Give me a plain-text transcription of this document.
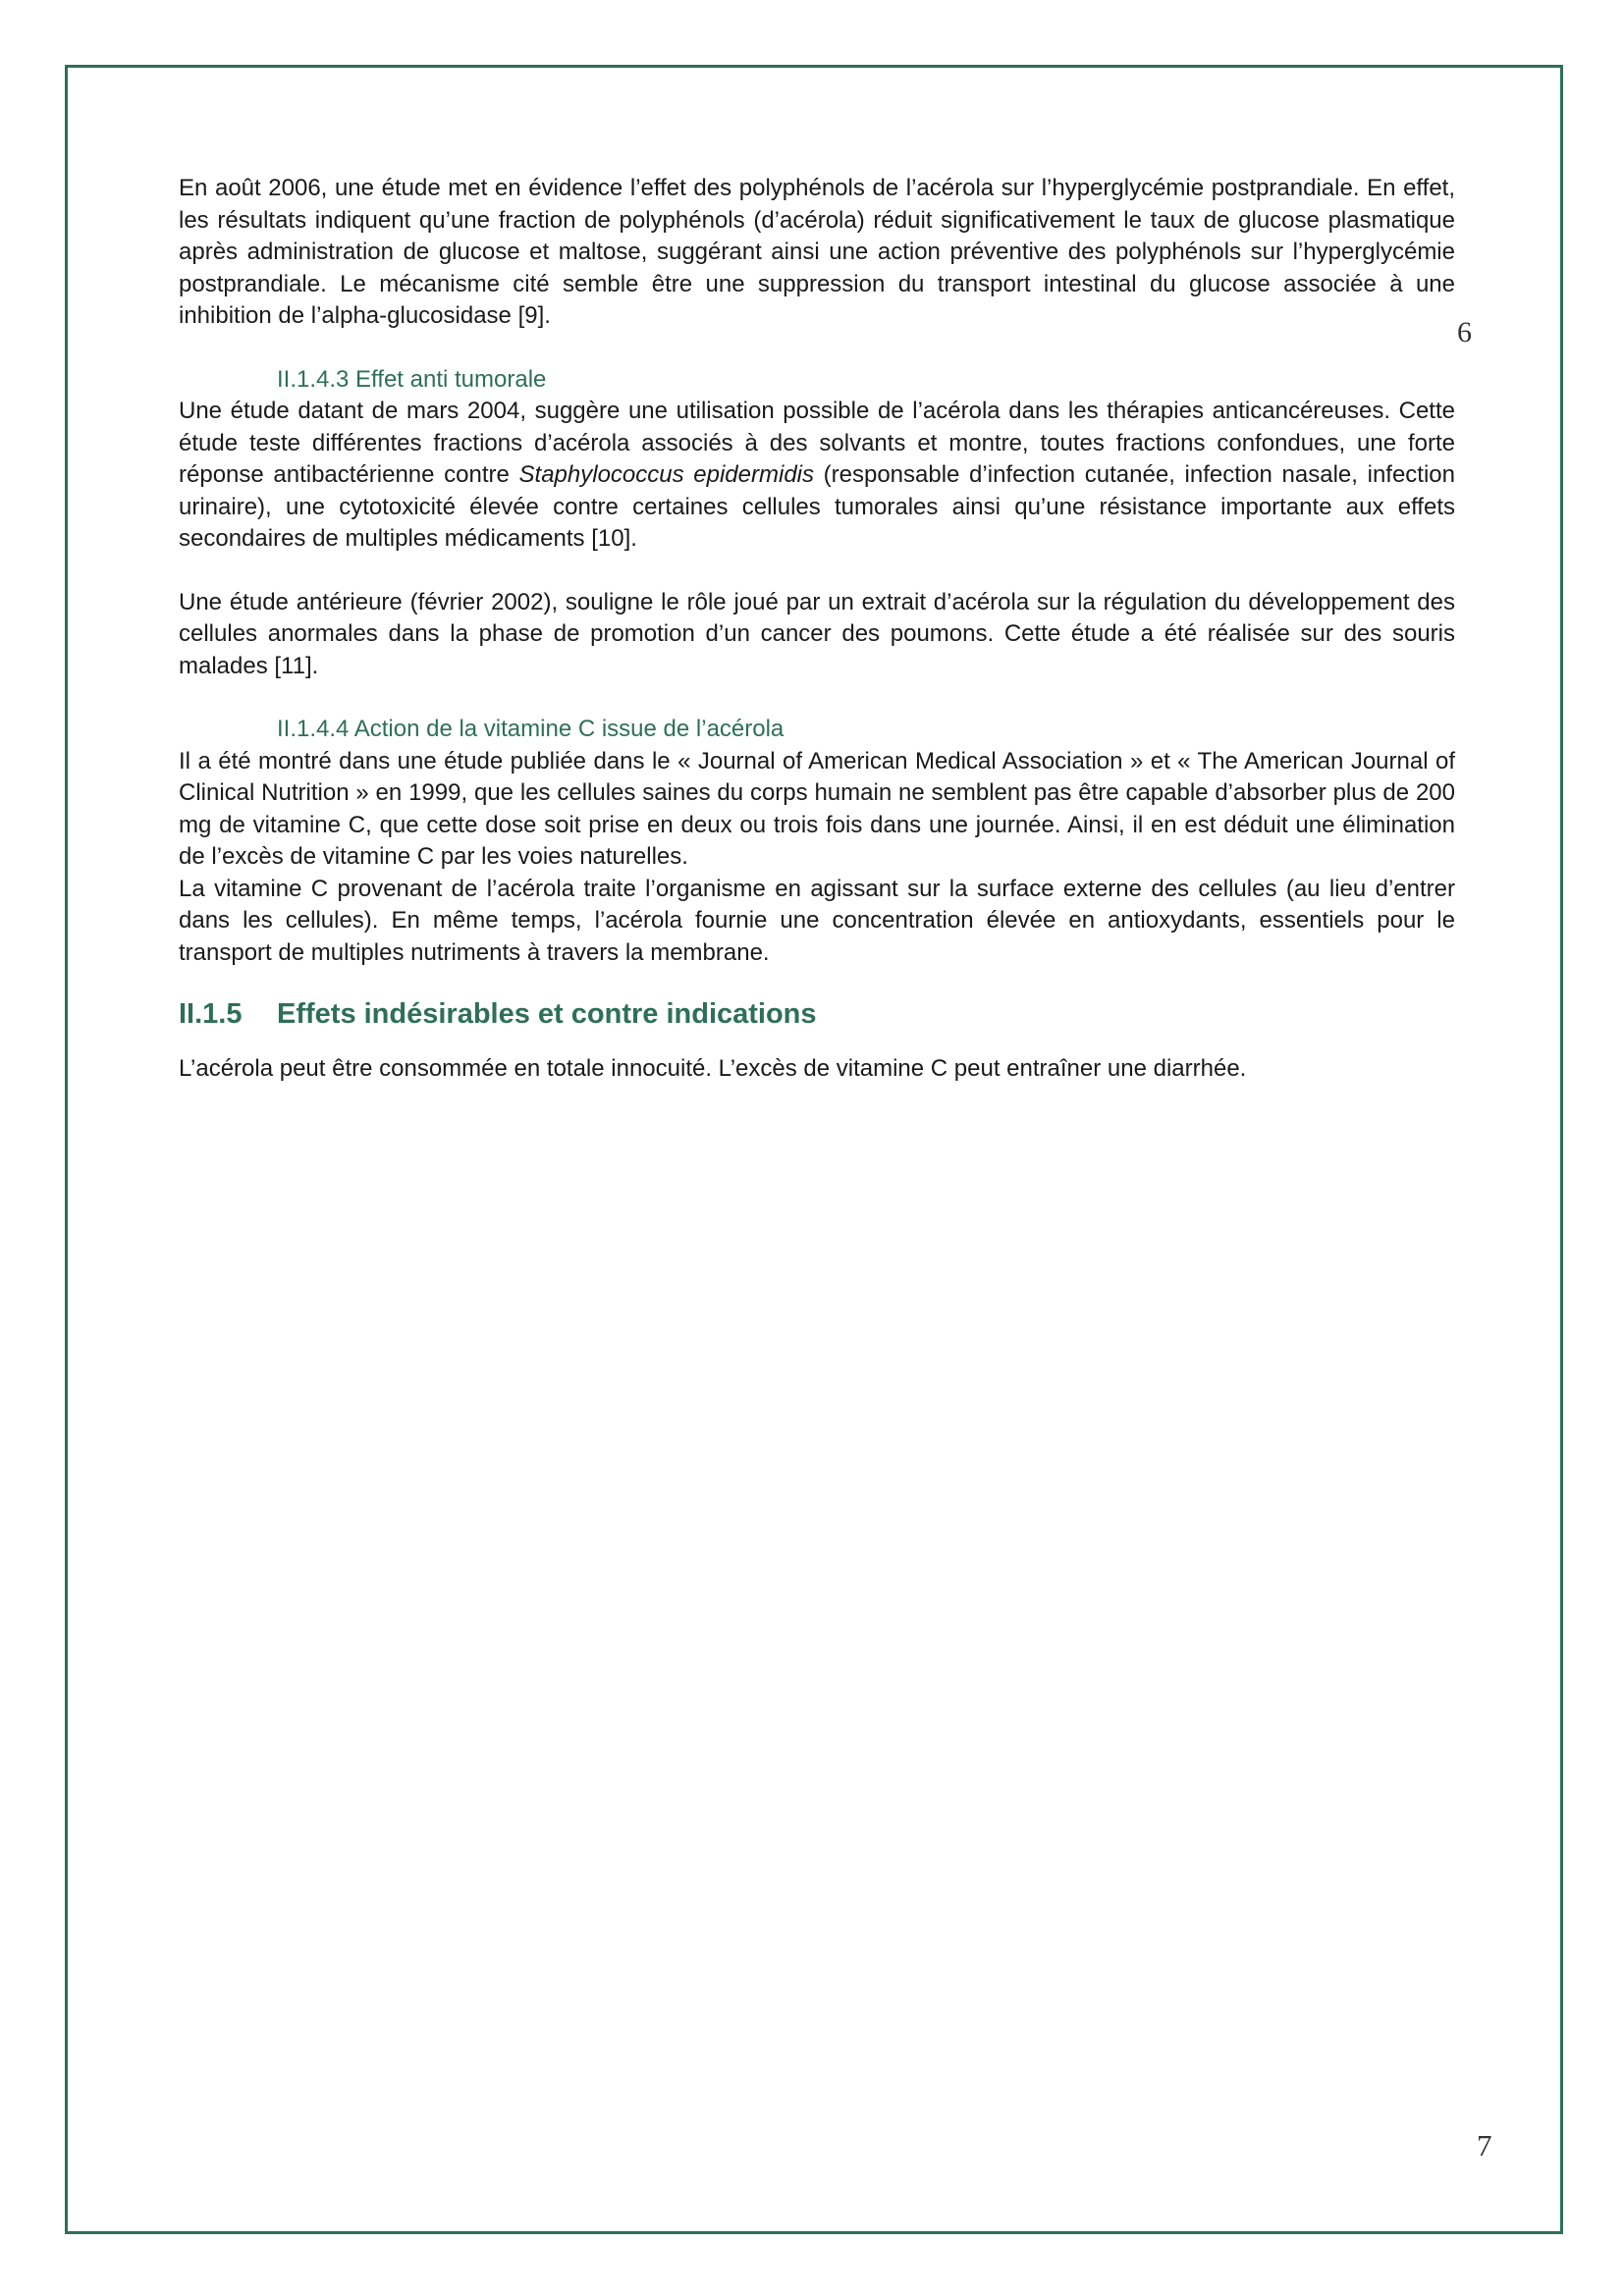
6

En août 2006, une étude met en évidence l’effet des polyphénols de l’acérola sur l’hyperglycémie postprandiale. En effet, les résultats indiquent qu’une fraction de polyphénols (d’acérola) réduit significativement le taux de glucose plasmatique après administration de glucose et maltose, suggérant ainsi une action préventive des polyphénols sur l’hyperglycémie postprandiale. Le mécanisme cité semble être une suppression du transport intestinal du glucose associée à une inhibition de l’alpha-glucosidase [9].

II.1.4.3 Effet anti tumorale

Une étude datant de mars 2004, suggère une utilisation possible de l’acérola dans les thérapies anticancéreuses. Cette étude teste différentes fractions d’acérola associés à des solvants et montre, toutes fractions confondues, une forte réponse antibactérienne contre Staphylococcus epidermidis (responsable d’infection cutanée, infection nasale, infection urinaire), une cytotoxicité élevée contre certaines cellules tumorales ainsi qu’une résistance importante aux effets secondaires de multiples médicaments [10].

Une étude antérieure (février 2002), souligne le rôle joué par un extrait d’acérola sur la régulation du développement des cellules anormales dans la phase de promotion d’un cancer des poumons. Cette étude a été réalisée sur des souris malades [11].

II.1.4.4 Action de la vitamine C issue de l’acérola

Il a été montré dans une étude publiée dans le « Journal of American Medical Association » et « The American Journal of Clinical Nutrition » en 1999, que les cellules saines du corps humain ne semblent pas être capable d’absorber plus de 200 mg de vitamine C, que cette dose soit prise en deux ou trois fois dans une journée. Ainsi, il en est déduit une élimination de l’excès de vitamine C par les voies naturelles.

La vitamine C provenant de l’acérola traite l’organisme en agissant sur la surface externe des cellules (au lieu d’entrer dans les cellules). En même temps, l’acérola fournie une concentration élevée en antioxydants, essentiels pour le transport de multiples nutriments à travers la membrane.

II.1.5	Effets indésirables et contre indications

L’acérola peut être consommée en totale innocuité. L’excès de vitamine C peut entraîner une diarrhée.

7
